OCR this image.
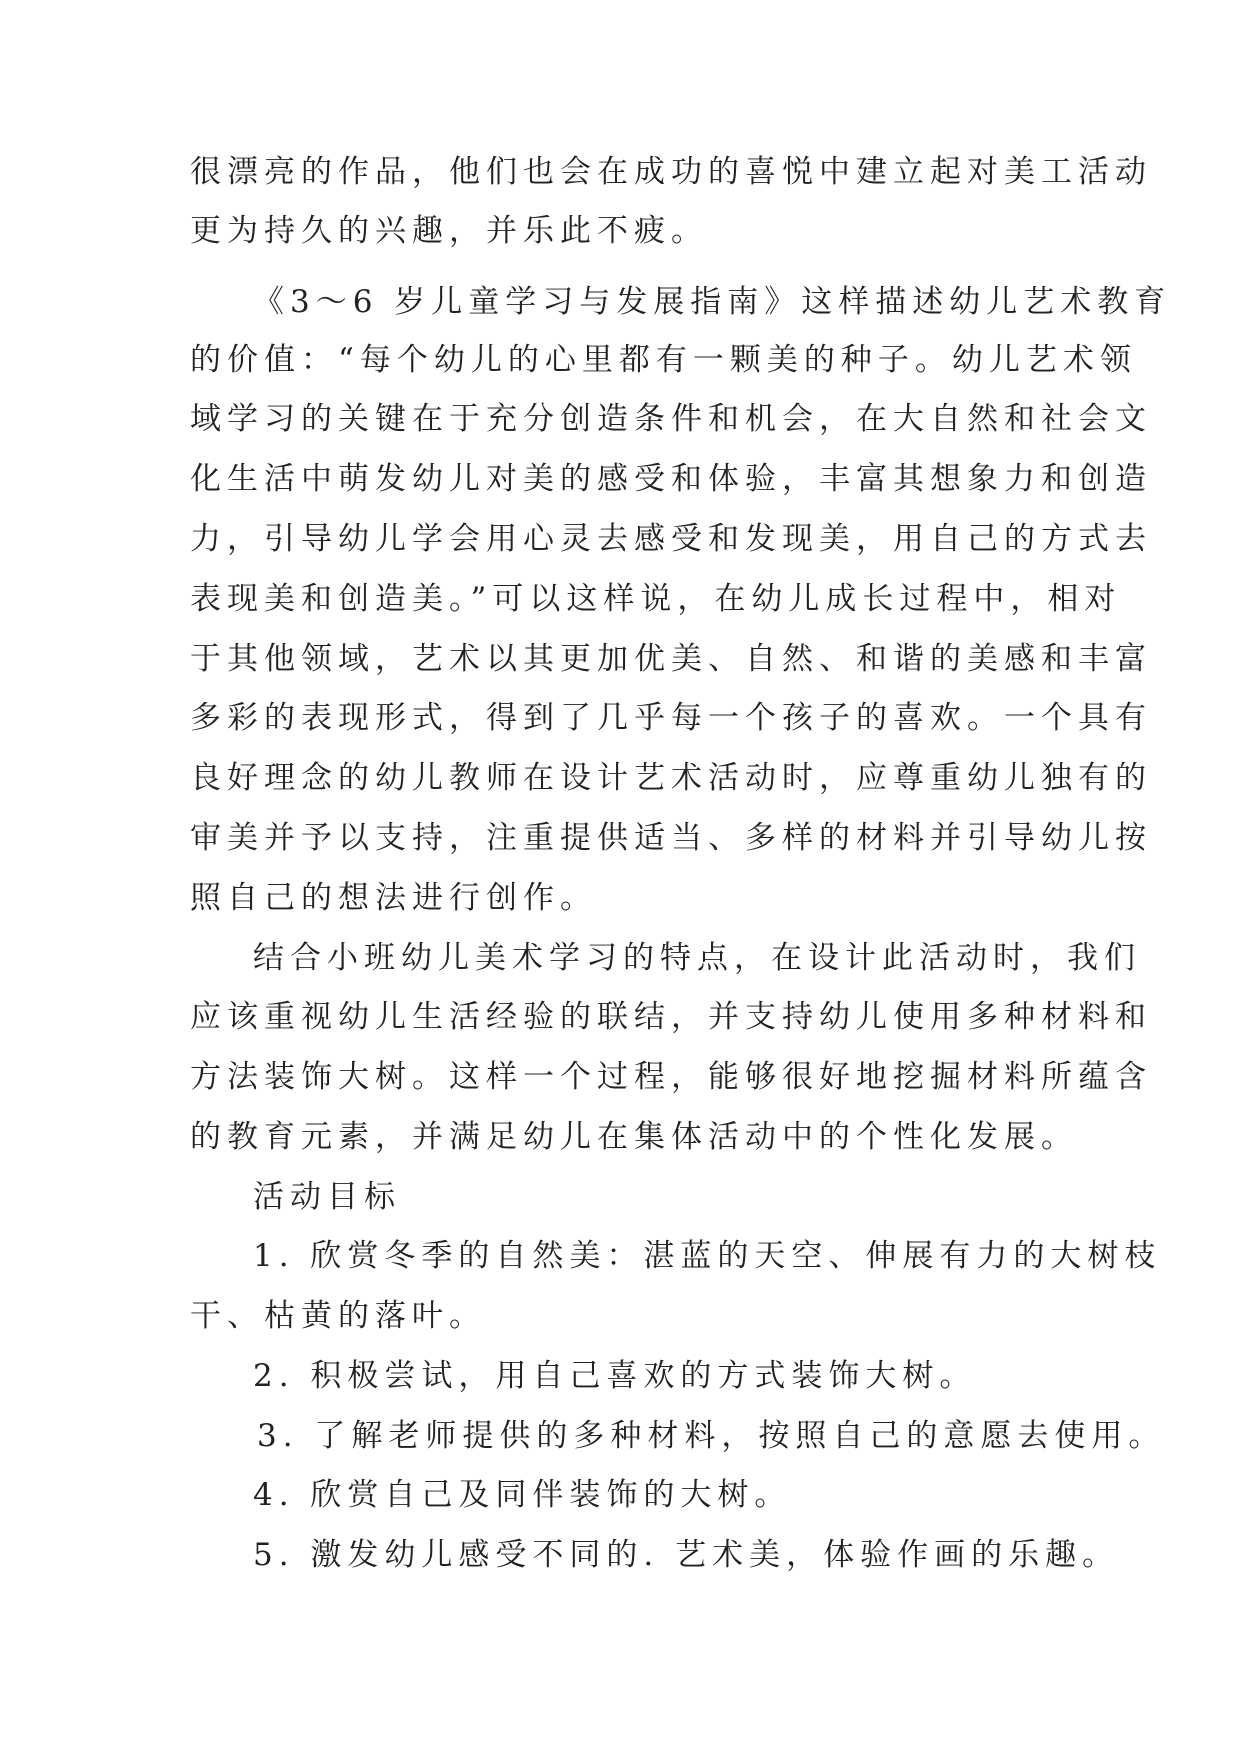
很漂亮的作品，他们也会在成功的喜悦中建立起对美工活动
更为持久的兴趣，并乐此不疲。
《3～6 岁儿童学习与发展指南》这样描述幼儿艺术教育
的价值：“每个幼儿的心里都有一颗美的种子。幼儿艺术领
域学习的关键在于充分创造条件和机会，在大自然和社会文
化生活中萌发幼儿对美的感受和体验，丰富其想象力和创造
力，引导幼儿学会用心灵去感受和发现美，用自己的方式去
表现美和创造美。”可以这样说，在幼儿成长过程中，相对
于其他领域，艺术以其更加优美、自然、和谐的美感和丰富
多彩的表现形式，得到了几乎每一个孩子的喜欢。一个具有
良好理念的幼儿教师在设计艺术活动时，应尊重幼儿独有的
审美并予以支持，注重提供适当、多样的材料并引导幼儿按
照自己的想法进行创作。
结合小班幼儿美术学习的特点，在设计此活动时，我们
应该重视幼儿生活经验的联结，并支持幼儿使用多种材料和
方法装饰大树。这样一个过程，能够很好地挖掘材料所蕴含
的教育元素，并满足幼儿在集体活动中的个性化发展。
活动目标
1. 欣赏冬季的自然美：湛蓝的天空、伸展有力的大树枝
干、枯黄的落叶。
2. 积极尝试，用自己喜欢的方式装饰大树。
3. 了解老师提供的多种材料，按照自己的意愿去使用。
4. 欣赏自己及同伴装饰的大树。
5. 激发幼儿感受不同的. 艺术美，体验作画的乐趣。
